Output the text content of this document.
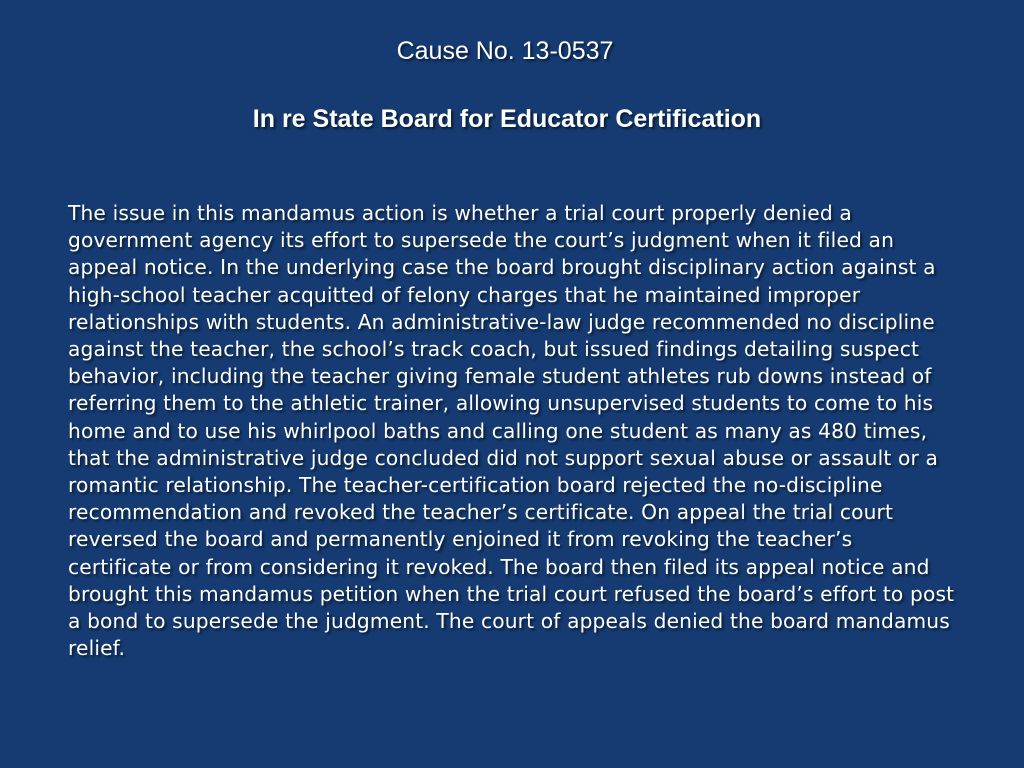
Cause No. 13-0537
In re State Board for Educator Certification
The issue in this mandamus action is whether a trial court properly denied a government agency its effort to supersede the court’s judgment when it filed an appeal notice. In the underlying case the board brought disciplinary action against a high-school teacher acquitted of felony charges that he maintained improper relationships with students. An administrative-law judge recommended no discipline against the teacher, the school’s track coach, but issued findings detailing suspect behavior, including the teacher giving female student athletes rub downs instead of referring them to the athletic trainer, allowing unsupervised students to come to his home and to use his whirlpool baths and calling one student as many as 480 times, that the administrative judge concluded did not support sexual abuse or assault or a romantic relationship. The teacher-certification board rejected the no-discipline recommendation and revoked the teacher’s certificate. On appeal the trial court reversed the board and permanently enjoined it from revoking the teacher’s certificate or from considering it revoked. The board then filed its appeal notice and brought this mandamus petition when the trial court refused the board’s effort to post a bond to supersede the judgment. The court of appeals denied the board mandamus relief.
